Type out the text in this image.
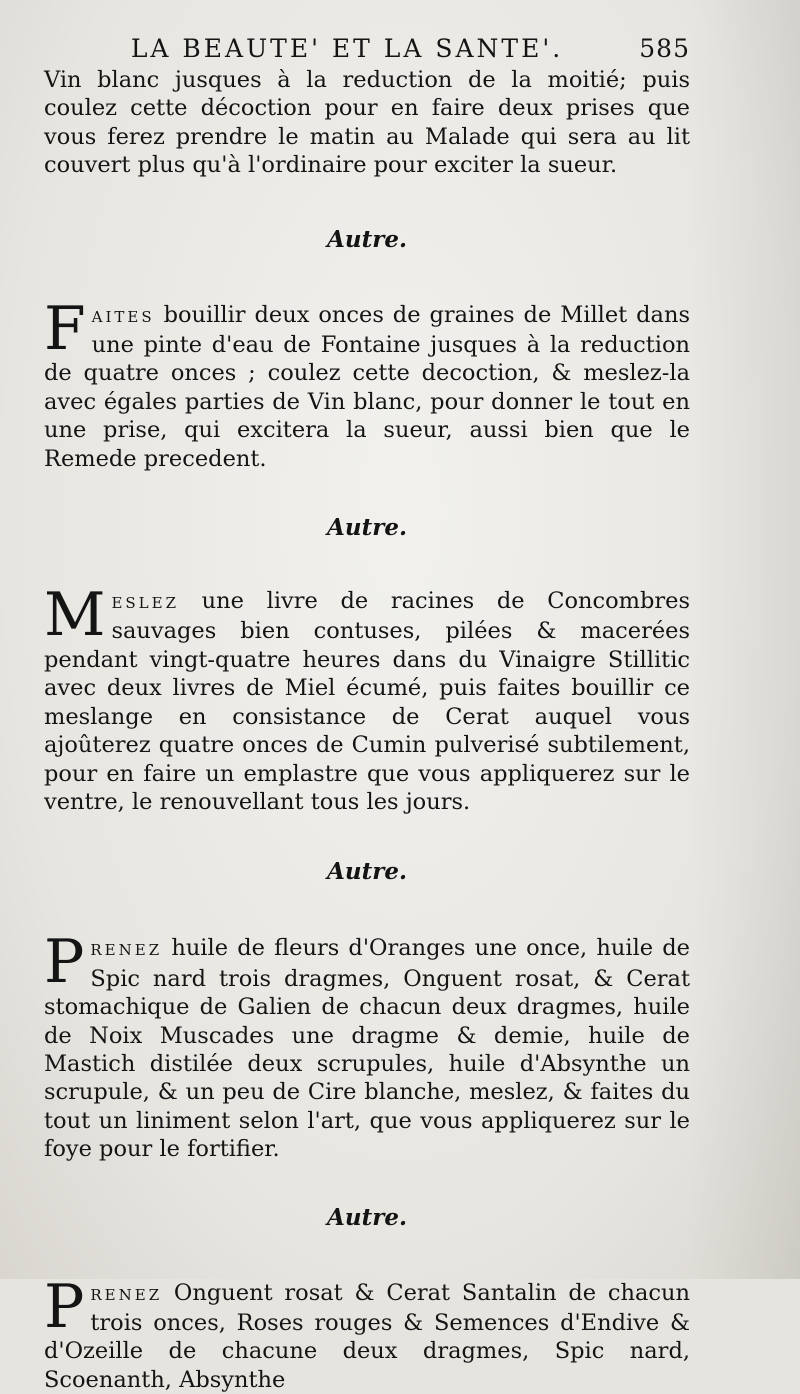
LA BEAUTE' ET LA SANTE'.	585

Vin blanc jusques à la reduction de la moitié; puis coulez cette décoction pour en faire deux prises que vous ferez prendre le matin au Malade qui sera au lit couvert plus qu'à l'ordinaire pour exciter la sueur.

Autre.

FAITES bouillir deux onces de graines de Millet dans une pinte d'eau de Fontaine jusques à la reduction de quatre onces ; coulez cette decoction, & meslez-la avec égales parties de Vin blanc, pour donner le tout en une prise, qui excitera la sueur, aussi bien que le Remede precedent.

Autre.

MESLEZ une livre de racines de Concombres sauvages bien contuses, pilées & macerées pendant vingt-quatre heures dans du Vinaigre Stillitic avec deux livres de Miel écumé, puis faites bouillir ce meslange en consistance de Cerat auquel vous ajoûterez quatre onces de Cumin pulverisé subtilement, pour en faire un emplastre que vous appliquerez sur le ventre, le renouvellant tous les jours.

Autre.

PRENEZ huile de fleurs d'Oranges une once, huile de Spic nard trois dragmes, Onguent rosat, & Cerat stomachique de Galien de chacun deux dragmes, huile de Noix Muscades une dragme & demie, huile de Mastich distilée deux scrupules, huile d'Absynthe un scrupule, & un peu de Cire blanche, meslez, & faites du tout un liniment selon l'art, que vous appliquerez sur le foye pour le fortifier.

Autre.

PRENEZ Onguent rosat & Cerat Santalin de chacun trois onces, Roses rouges & Semences d'Endive & d'Ozeille de chacune deux dragmes, Spic nard, Scoenanth, Absynthe
